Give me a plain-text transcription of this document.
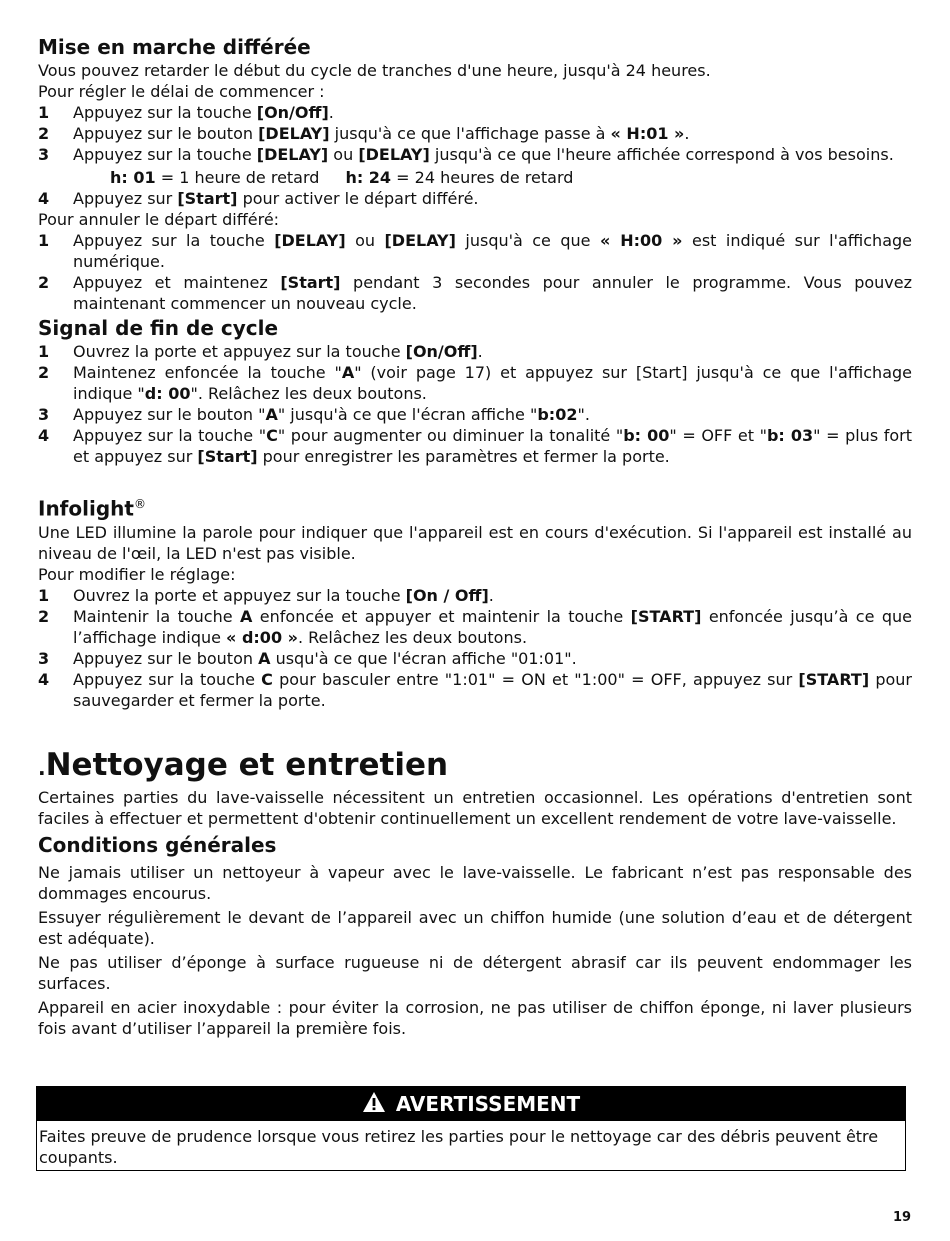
Mise en marche différée

Vous pouvez retarder le début du cycle de tranches d'une heure, jusqu'à 24 heures.

Pour régler le délai de commencer :

1	Appuyez sur la touche [On/Off].
2	Appuyez sur le bouton [DELAY] jusqu'à ce que l'affichage passe à « H:01 ».
3	Appuyez sur la touche [DELAY] ou [DELAY] jusqu'à ce que l'heure affichée correspond à vos besoins.

h: 01 = 1 heure de retard h: 24 = 24 heures de retard

4	Appuyez sur [Start] pour activer le départ différé.

Pour annuler le départ différé:

1	Appuyez sur la touche [DELAY] ou [DELAY] jusqu'à ce que « H:00 » est indiqué sur l'affichage numérique.
2	Appuyez et maintenez [Start] pendant 3 secondes pour annuler le programme. Vous pouvez maintenant commencer un nouveau cycle.
Signal de fin de cycle
1	Ouvrez la porte et appuyez sur la touche [On/Off].
2	Maintenez enfoncée la touche "A" (voir page 17) et appuyez sur [Start] jusqu'à ce que l'affichage indique "d: 00". Relâchez les deux boutons.
3	Appuyez sur le bouton "A" jusqu'à ce que l'écran affiche "b:02".
4	Appuyez sur la touche "C" pour augmenter ou diminuer la tonalité "b: 00" = OFF et "b: 03" = plus fort et appuyez sur [Start] pour enregistrer les paramètres et fermer la porte.
Infolight®

Une LED illumine la parole pour indiquer que l'appareil est en cours d'exécution. Si l'appareil est installé au niveau de l'œil, la LED n'est pas visible.

Pour modifier le réglage:

1	Ouvrez la porte et appuyez sur la touche [On / Off].
2	Maintenir la touche A enfoncée et appuyer et maintenir la touche [START] enfoncée jusqu’à ce que l’affichage indique « d:00 ». Relâchez les deux boutons.
3	Appuyez sur le bouton A usqu'à ce que l'écran affiche "01:01".
4	Appuyez sur la touche C pour basculer entre "1:01" = ON et "1:00" = OFF, appuyez sur [START] pour sauvegarder et fermer la porte.
.Nettoyage et entretien

Certaines parties du lave-vaisselle nécessitent un entretien occasionnel. Les opérations d'entretien sont faciles à effectuer et permettent d'obtenir continuellement un excellent rendement de votre lave-vaisselle.

Conditions générales

Ne jamais utiliser un nettoyeur à vapeur avec le lave-vaisselle. Le fabricant n’est pas responsable des dommages encourus.

Essuyer régulièrement le devant de l’appareil avec un chiffon humide (une solution d’eau et de détergent est adéquate).

Ne pas utiliser d’éponge à surface rugueuse ni de détergent abrasif car ils peuvent endommager les surfaces.

Appareil en acier inoxydable : pour éviter la corrosion, ne pas utiliser de chiffon éponge, ni laver plusieurs fois avant d’utiliser l’appareil la première fois.

AVERTISSEMENT
Faites preuve de prudence lorsque vous retirez les parties pour le nettoyage car des débris peuvent être coupants.
19
